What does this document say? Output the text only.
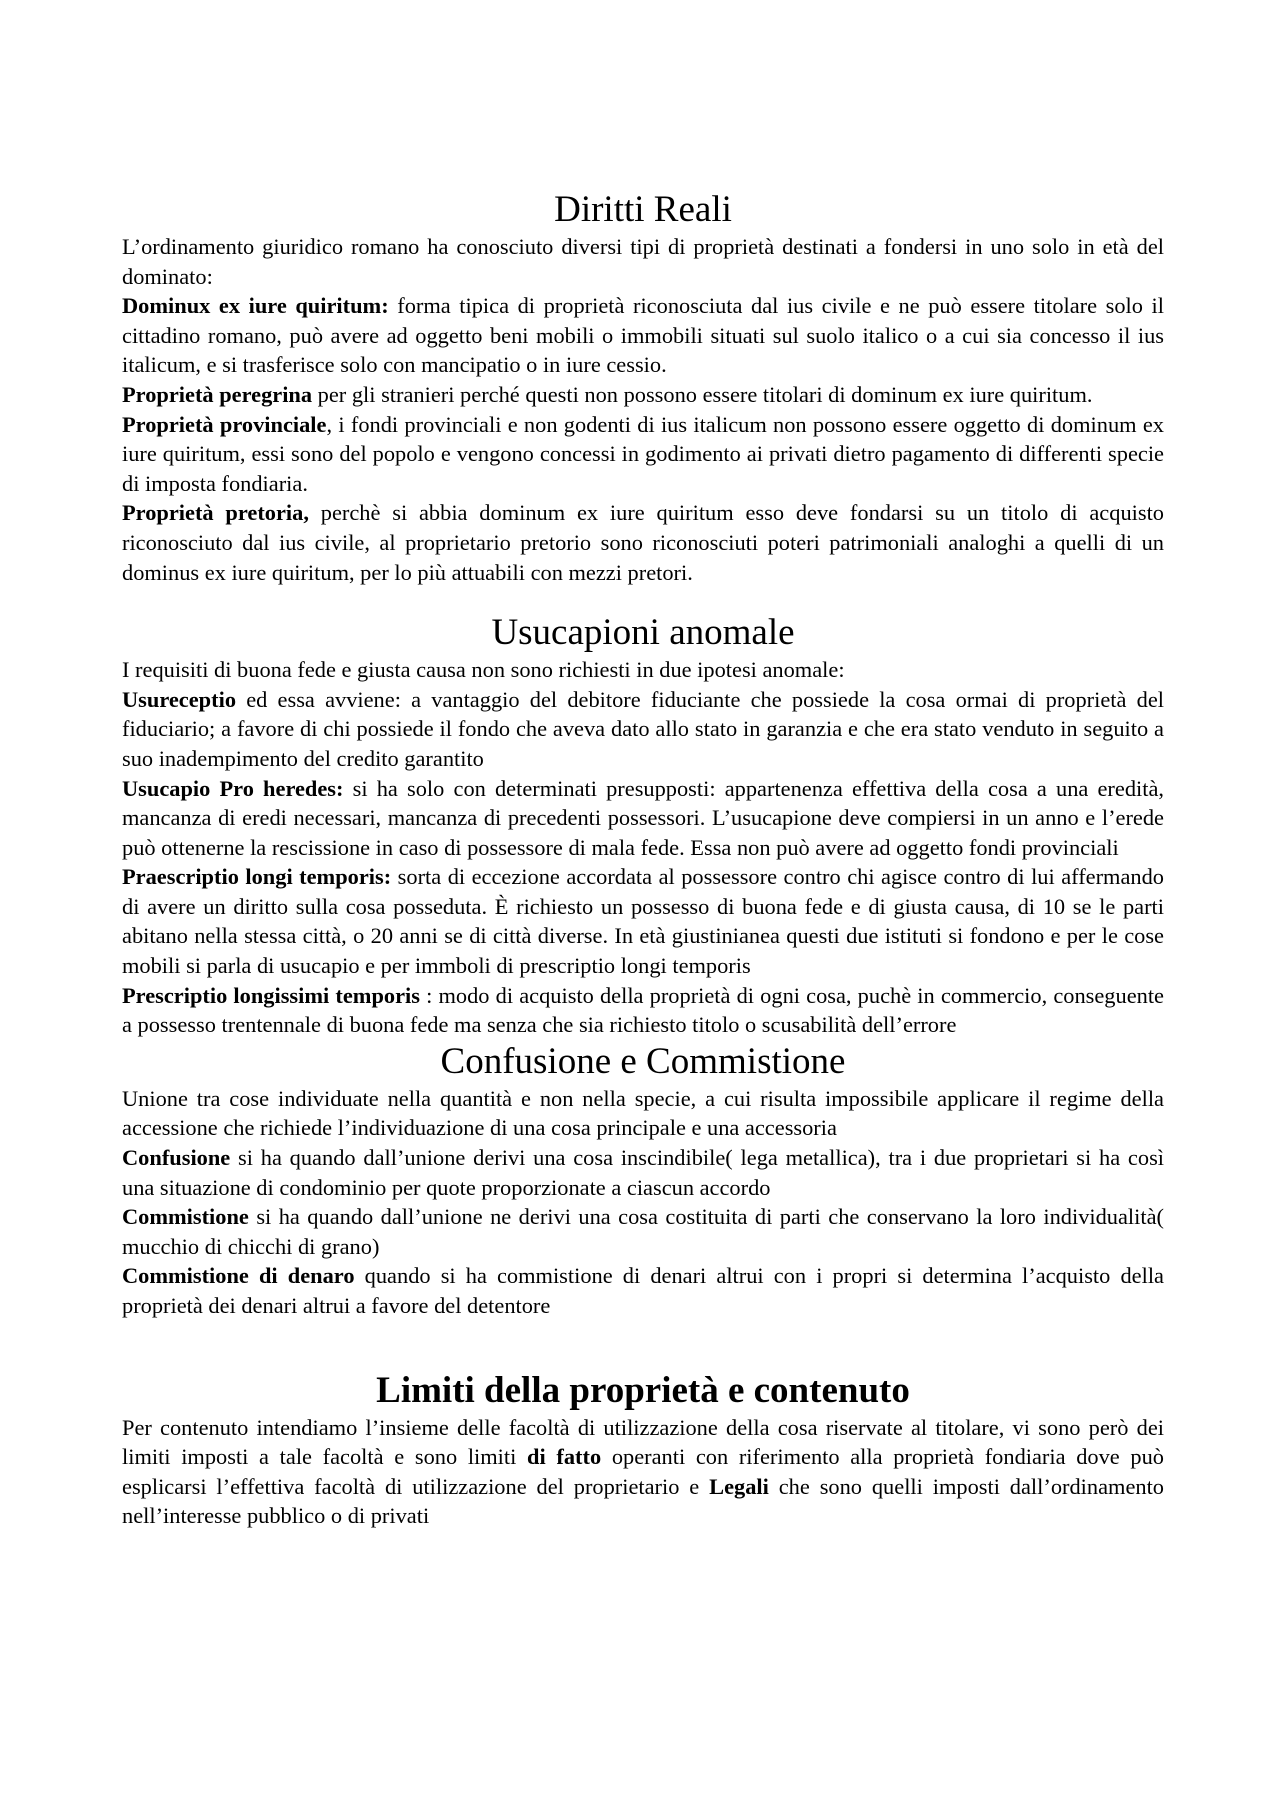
Diritti Reali

L’ordinamento giuridico romano ha conosciuto diversi tipi di proprietà destinati a fondersi in uno solo in età del dominato:

Dominux ex iure quiritum: forma tipica di proprietà riconosciuta dal ius civile e ne può essere titolare solo il cittadino romano, può avere ad oggetto beni mobili o immobili situati sul suolo italico o a cui sia concesso il ius italicum, e si trasferisce solo con mancipatio o in iure cessio.

Proprietà peregrina per gli stranieri perché questi non possono essere titolari di dominum ex iure quiritum.

Proprietà provinciale, i fondi provinciali e non godenti di ius italicum non possono essere oggetto di dominum ex iure quiritum, essi sono del popolo e vengono concessi in godimento ai privati dietro pagamento di differenti specie di imposta fondiaria.

Proprietà pretoria, perchè si abbia dominum ex iure quiritum esso deve fondarsi su un titolo di acquisto riconosciuto dal ius civile, al proprietario pretorio sono riconosciuti poteri patrimoniali analoghi a quelli di un dominus ex iure quiritum, per lo più attuabili con mezzi pretori.

Usucapioni anomale

I requisiti di buona fede e giusta causa non sono richiesti in due ipotesi anomale:

Usureceptio ed essa avviene: a vantaggio del debitore fiduciante che possiede la cosa ormai di proprietà del fiduciario; a favore di chi possiede il fondo che aveva dato allo stato in garanzia e che era stato venduto in seguito a suo inadempimento del credito garantito

Usucapio Pro heredes: si ha solo con determinati presupposti: appartenenza effettiva della cosa a una eredità, mancanza di eredi necessari, mancanza di precedenti possessori. L’usucapione deve compiersi in un anno e l’erede può ottenerne la rescissione in caso di possessore di mala fede. Essa non può avere ad oggetto fondi provinciali

Praescriptio longi temporis: sorta di eccezione accordata al possessore contro chi agisce contro di lui affermando di avere un diritto sulla cosa posseduta. È richiesto un possesso di buona fede e di giusta causa, di 10 se le parti abitano nella stessa città, o 20 anni se di città diverse. In età giustinianea questi due istituti si fondono e per le cose mobili si parla di usucapio e per immboli di prescriptio longi temporis

Prescriptio longissimi temporis : modo di acquisto della proprietà di ogni cosa, puchè in commercio, conseguente a possesso trentennale di buona fede ma senza che sia richiesto titolo o scusabilità dell’errore

Confusione e Commistione

Unione tra cose individuate nella quantità e non nella specie, a cui risulta impossibile applicare il regime della accessione che richiede l’individuazione di una cosa principale e una accessoria

Confusione si ha quando dall’unione derivi una cosa inscindibile( lega metallica), tra i due proprietari si ha così una situazione di condominio per quote proporzionate a ciascun accordo

Commistione si ha quando dall’unione ne derivi una cosa costituita di parti che conservano la loro individualità( mucchio di chicchi di grano)

Commistione di denaro quando si ha commistione di denari altrui con i propri si determina l’acquisto della proprietà dei denari altrui a favore del detentore

Limiti della proprietà e contenuto

Per contenuto intendiamo l’insieme delle facoltà di utilizzazione della cosa riservate al titolare, vi sono però dei limiti imposti a tale facoltà e sono limiti di fatto operanti con riferimento alla proprietà fondiaria dove può esplicarsi l’effettiva facoltà di utilizzazione del proprietario e Legali che sono quelli imposti dall’ordinamento nell’interesse pubblico o di privati
